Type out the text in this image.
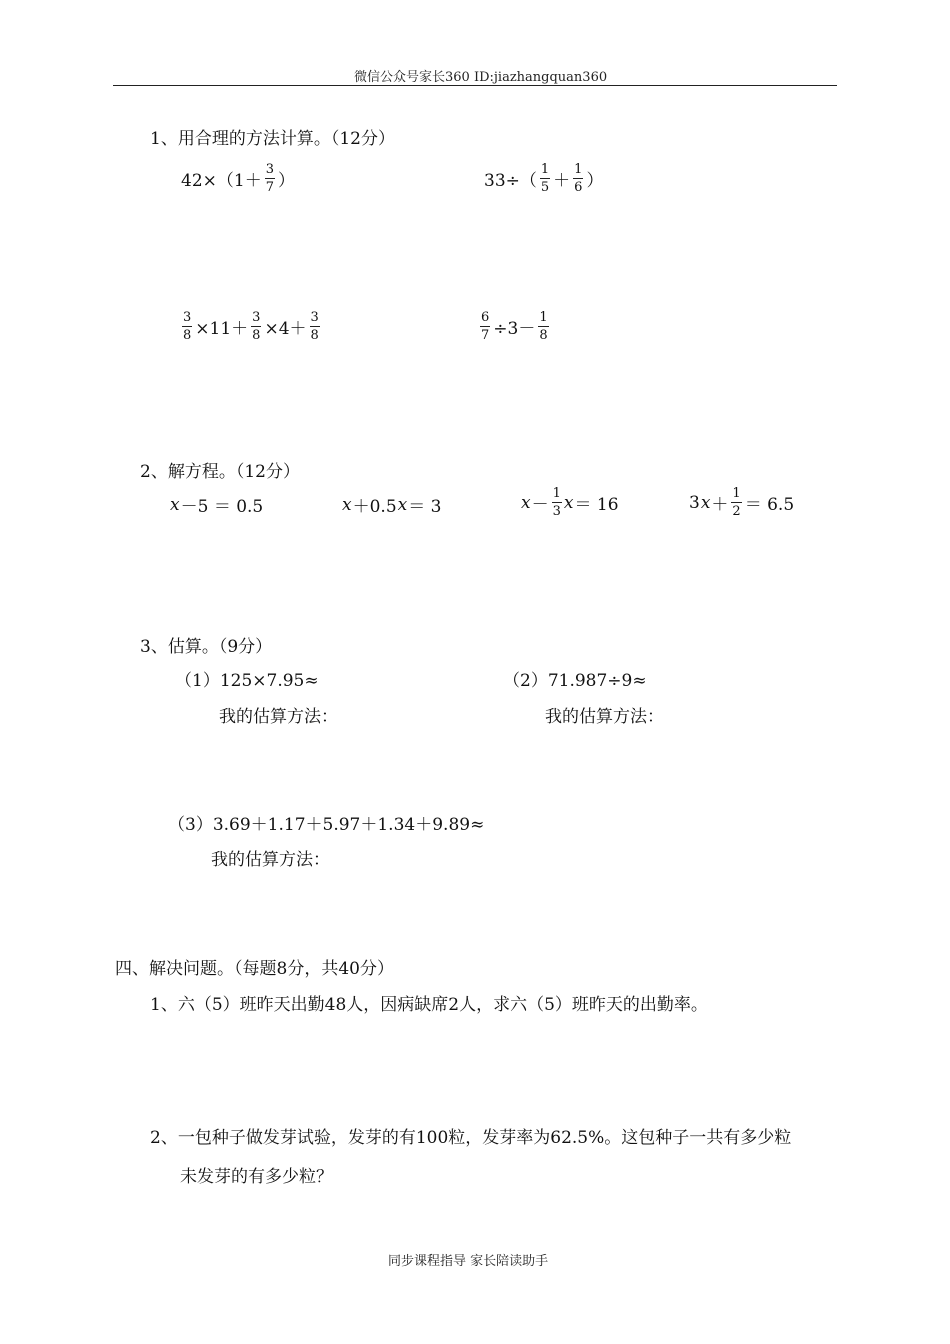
微信公众号家长360 ID:jiazhangquan360
1、用合理的方法计算。（12分）
$42\times(1+ \frac{3}{7}$ ）	$33\div( \frac{1}{5} + \frac{1}{6}$ ）
$\frac{3}{8} \times 11+ \frac{3}{8} \times 4+ \frac{3}{8}$	$\frac{6}{7} \div 3- \frac{1}{8}$
2、解方程。（12分）
x －5 ＝ 0.5	x ＋0.5 x ＝ 3	$x - \frac{1}{3}$ x ＝ 16	3 $x + \frac{1}{2} = 6.5$
3、估算。（9分）
（1）125×7.95≈	（2）71.987÷9≈
我的估算方法：	我的估算方法：
（3）3.69＋1.17＋5.97＋1.34＋9.89≈
我的估算方法：
四、解决问题。（每题8分，共40分）
1、六（5）班昨天出勤48人，因病缺席2人，求六（5）班昨天的出勤率。
2、一包种子做发芽试验，发芽的有100粒，发芽率为62.5%。这包种子一共有多少粒
未发芽的有多少粒？
同步课程指导 家长陪读助手
